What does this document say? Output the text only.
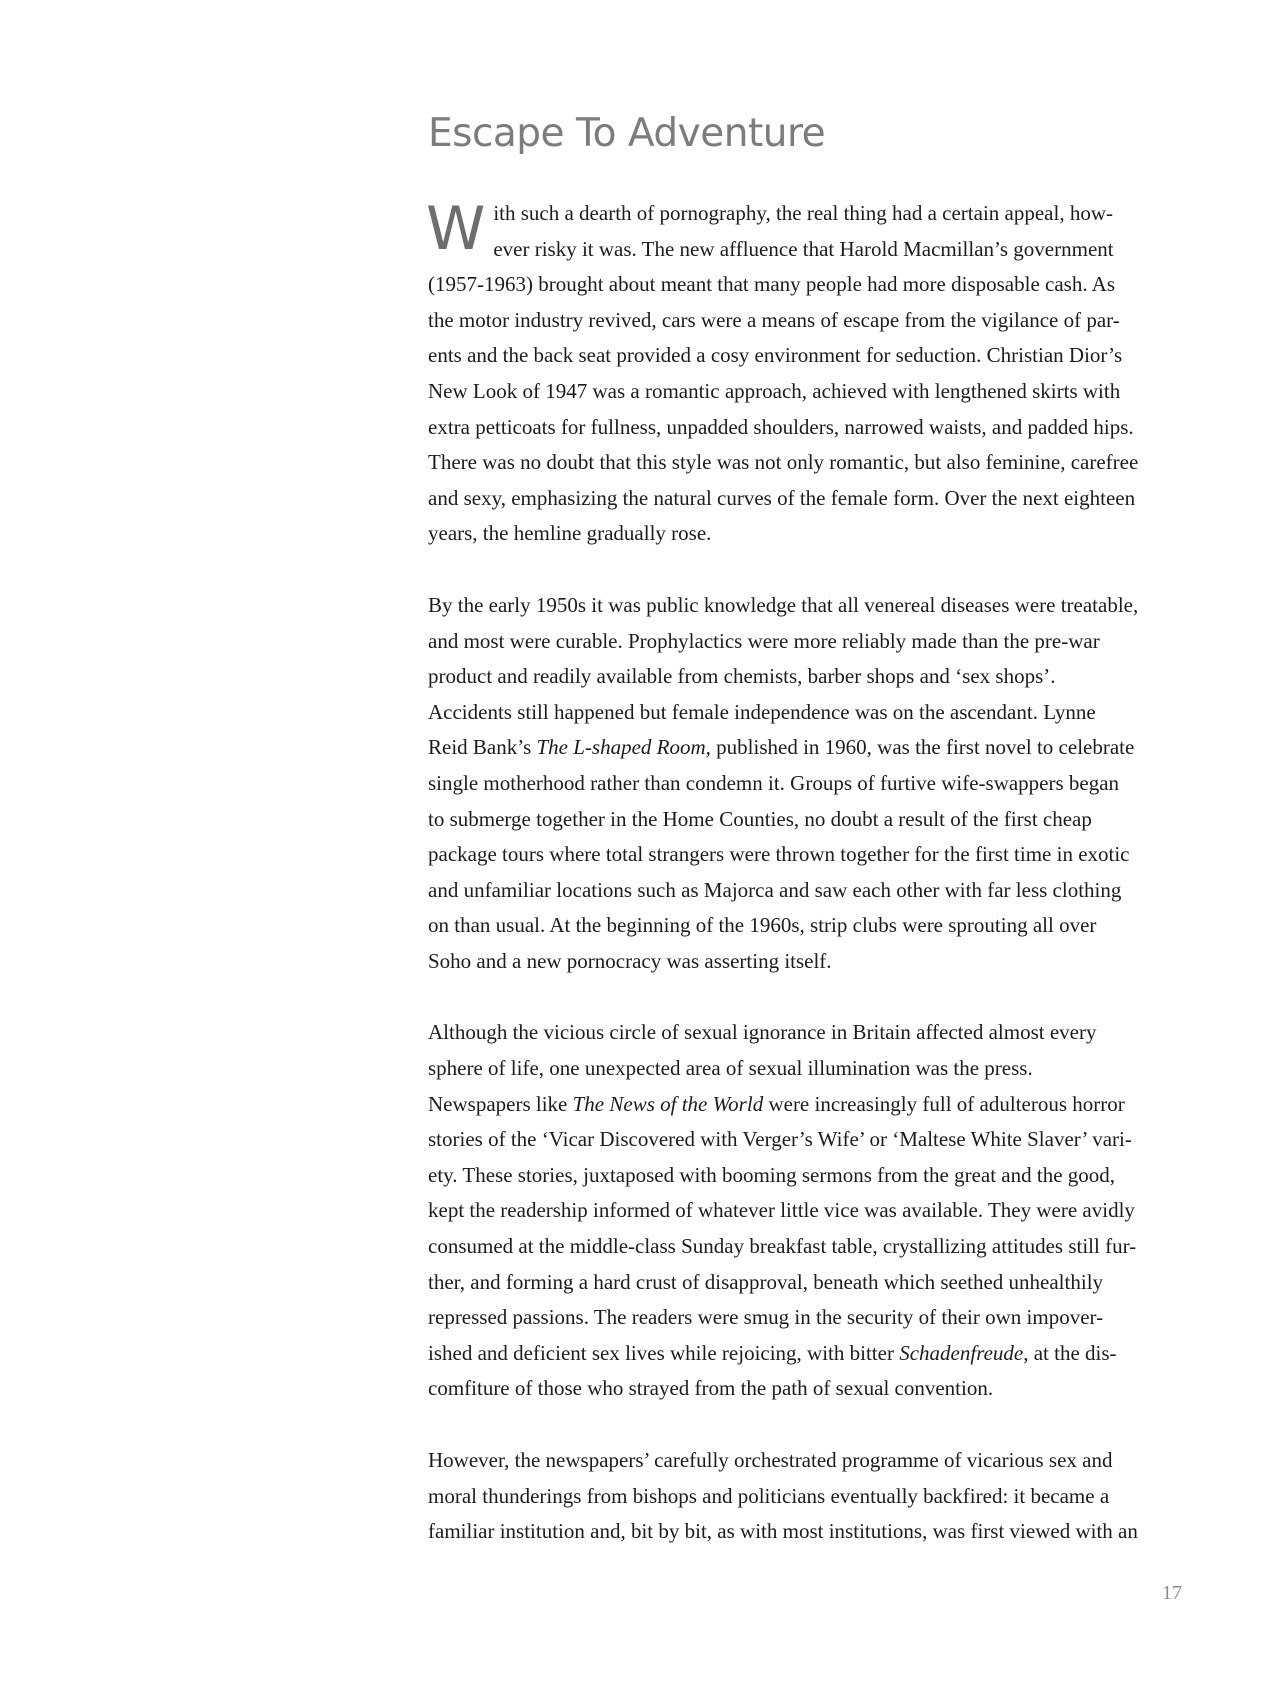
Escape To Adventure

W ith such a dearth of pornography, the real thing had a certain appeal, how-
ever risky it was. The new affluence that Harold Macmillan’s government
(1957-1963) brought about meant that many people had more disposable cash. As
the motor industry revived, cars were a means of escape from the vigilance of par-
ents and the back seat provided a cosy environment for seduction. Christian Dior’s
New Look of 1947 was a romantic approach, achieved with lengthened skirts with
extra petticoats for fullness, unpadded shoulders, narrowed waists, and padded hips.
There was no doubt that this style was not only romantic, but also feminine, carefree
and sexy, emphasizing the natural curves of the female form. Over the next eighteen
years, the hemline gradually rose.

By the early 1950s it was public knowledge that all venereal diseases were treatable,
and most were curable. Prophylactics were more reliably made than the pre-war
product and readily available from chemists, barber shops and ‘sex shops’.
Accidents still happened but female independence was on the ascendant. Lynne
Reid Bank’s The L-shaped Room, published in 1960, was the first novel to celebrate
single motherhood rather than condemn it. Groups of furtive wife-swappers began
to submerge together in the Home Counties, no doubt a result of the first cheap
package tours where total strangers were thrown together for the first time in exotic
and unfamiliar locations such as Majorca and saw each other with far less clothing
on than usual. At the beginning of the 1960s, strip clubs were sprouting all over
Soho and a new pornocracy was asserting itself.

Although the vicious circle of sexual ignorance in Britain affected almost every
sphere of life, one unexpected area of sexual illumination was the press.
Newspapers like The News of the World were increasingly full of adulterous horror
stories of the ‘Vicar Discovered with Verger’s Wife’ or ‘Maltese White Slaver’ vari-
ety. These stories, juxtaposed with booming sermons from the great and the good,
kept the readership informed of whatever little vice was available. They were avidly
consumed at the middle-class Sunday breakfast table, crystallizing attitudes still fur-
ther, and forming a hard crust of disapproval, beneath which seethed unhealthily
repressed passions. The readers were smug in the security of their own impover-
ished and deficient sex lives while rejoicing, with bitter Schadenfreude, at the dis-
comfiture of those who strayed from the path of sexual convention.

However, the newspapers’ carefully orchestrated programme of vicarious sex and
moral thunderings from bishops and politicians eventually backfired: it became a
familiar institution and, bit by bit, as with most institutions, was first viewed with an

17
